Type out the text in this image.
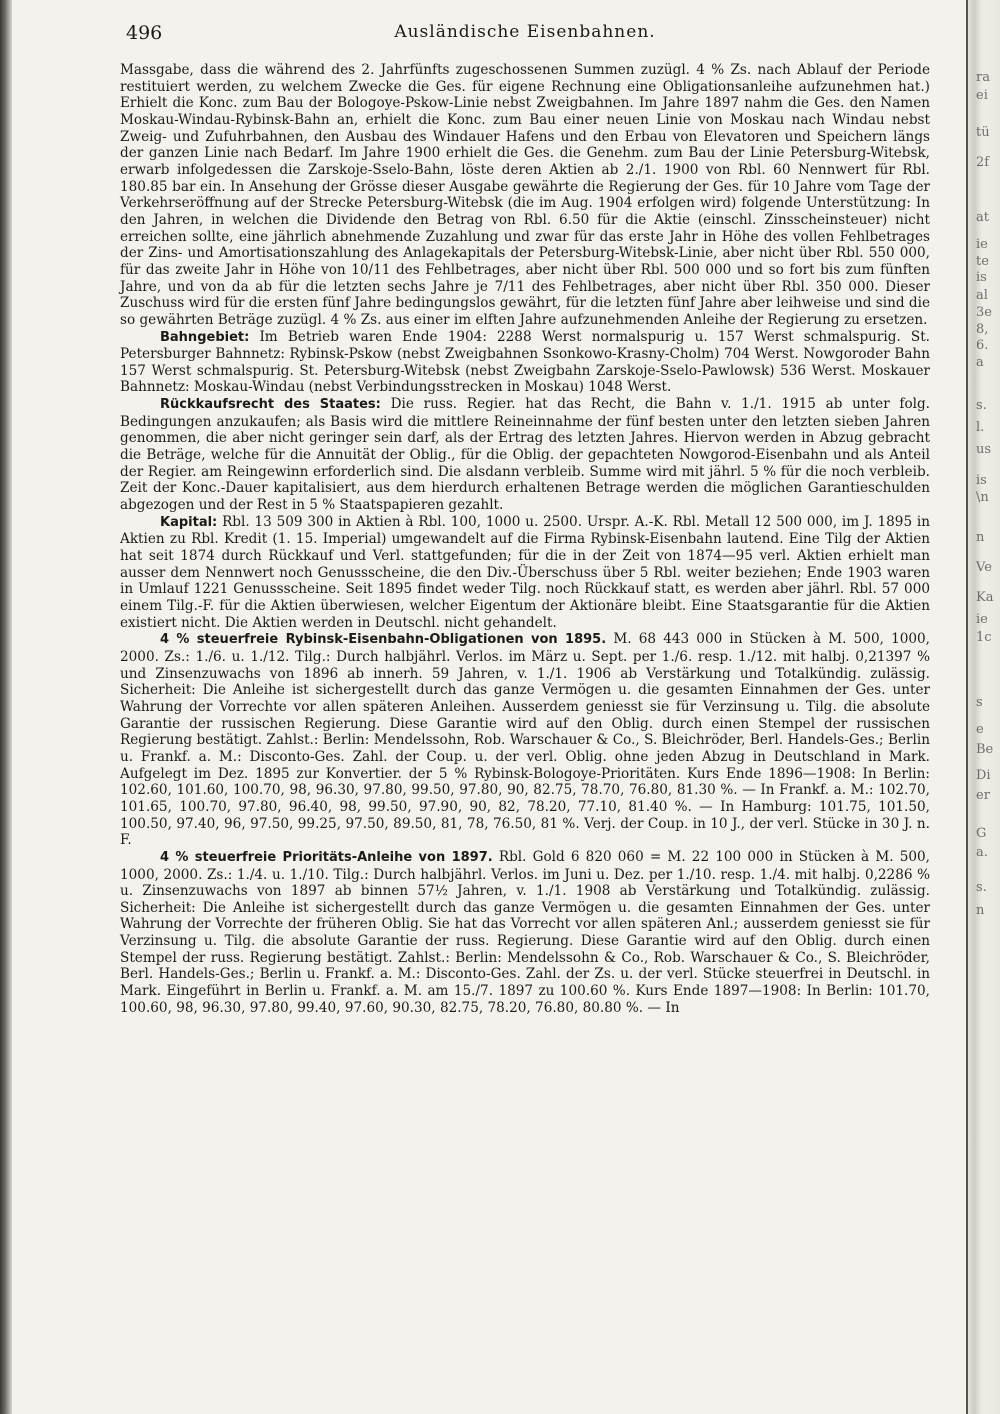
ra
ei
tü
2f
at
ie
te
is
al
3e
8,
6.
a
s.
l.
us
is
\n
n
Ve
Ka
ie
1c
s
e
Be
Di
er
G
a.
s.
n
496	Ausländische Eisenbahnen.

Massgabe, dass die während des 2. Jahrfünfts zugeschossenen Summen zuzügl. 4 % Zs. nach Ablauf der Periode restituiert werden, zu welchem Zwecke die Ges. für eigene Rechnung eine Obligationsanleihe aufzunehmen hat.) Erhielt die Konc. zum Bau der Bologoye-Pskow-Linie nebst Zweigbahnen. Im Jahre 1897 nahm die Ges. den Namen Moskau-Windau-Rybinsk-Bahn an, erhielt die Konc. zum Bau einer neuen Linie von Moskau nach Windau nebst Zweig- und Zufuhrbahnen, den Ausbau des Windauer Hafens und den Erbau von Elevatoren und Speichern längs der ganzen Linie nach Bedarf. Im Jahre 1900 erhielt die Ges. die Genehm. zum Bau der Linie Petersburg-Witebsk, erwarb infolgedessen die Zarskoje-Sselo-Bahn, löste deren Aktien ab 2./1. 1900 von Rbl. 60 Nennwert für Rbl. 180.85 bar ein. In Ansehung der Grösse dieser Ausgabe gewährte die Regierung der Ges. für 10 Jahre vom Tage der Verkehrseröffnung auf der Strecke Petersburg-Witebsk (die im Aug. 1904 erfolgen wird) folgende Unterstützung: In den Jahren, in welchen die Dividende den Betrag von Rbl. 6.50 für die Aktie (einschl. Zinsscheinsteuer) nicht erreichen sollte, eine jährlich abnehmende Zuzahlung und zwar für das erste Jahr in Höhe des vollen Fehlbetrages der Zins- und Amortisationszahlung des Anlagekapitals der Petersburg-Witebsk-Linie, aber nicht über Rbl. 550 000, für das zweite Jahr in Höhe von 10/11 des Fehlbetrages, aber nicht über Rbl. 500 000 und so fort bis zum fünften Jahre, und von da ab für die letzten sechs Jahre je 7/11 des Fehlbetrages, aber nicht über Rbl. 350 000. Dieser Zuschuss wird für die ersten fünf Jahre bedingungslos gewährt, für die letzten fünf Jahre aber leihweise und sind die so gewährten Beträge zuzügl. 4 % Zs. aus einer im elften Jahre aufzunehmenden Anleihe der Regierung zu ersetzen.

Bahngebiet: Im Betrieb waren Ende 1904: 2288 Werst normalspurig u. 157 Werst schmalspurig. St. Petersburger Bahnnetz: Rybinsk-Pskow (nebst Zweigbahnen Ssonkowo-Krasny-Cholm) 704 Werst. Nowgoroder Bahn 157 Werst schmalspurig. St. Petersburg-Witebsk (nebst Zweigbahn Zarskoje-Sselo-Pawlowsk) 536 Werst. Moskauer Bahnnetz: Moskau-Windau (nebst Verbindungsstrecken in Moskau) 1048 Werst.

Rückkaufsrecht des Staates: Die russ. Regier. hat das Recht, die Bahn v. 1./1. 1915 ab unter folg. Bedingungen anzukaufen; als Basis wird die mittlere Reineinnahme der fünf besten unter den letzten sieben Jahren genommen, die aber nicht geringer sein darf, als der Ertrag des letzten Jahres. Hiervon werden in Abzug gebracht die Beträge, welche für die Annuität der Oblig., für die Oblig. der gepachteten Nowgorod-Eisenbahn und als Anteil der Regier. am Reingewinn erforderlich sind. Die alsdann verbleib. Summe wird mit jährl. 5 % für die noch verbleib. Zeit der Konc.-Dauer kapitalisiert, aus dem hierdurch erhaltenen Betrage werden die möglichen Garantieschulden abgezogen und der Rest in 5 % Staatspapieren gezahlt.

Kapital: Rbl. 13 509 300 in Aktien à Rbl. 100, 1000 u. 2500. Urspr. A.-K. Rbl. Metall 12 500 000, im J. 1895 in Aktien zu Rbl. Kredit (1. 15. Imperial) umgewandelt auf die Firma Rybinsk-Eisenbahn lautend. Eine Tilg der Aktien hat seit 1874 durch Rückkauf und Verl. stattgefunden; für die in der Zeit von 1874—95 verl. Aktien erhielt man ausser dem Nennwert noch Genussscheine, die den Div.-Überschuss über 5 Rbl. weiter beziehen; Ende 1903 waren in Umlauf 1221 Genussscheine. Seit 1895 findet weder Tilg. noch Rückkauf statt, es werden aber jährl. Rbl. 57 000 einem Tilg.-F. für die Aktien überwiesen, welcher Eigentum der Aktionäre bleibt. Eine Staatsgarantie für die Aktien existiert nicht. Die Aktien werden in Deutschl. nicht gehandelt.

4 % steuerfreie Rybinsk-Eisenbahn-Obligationen von 1895. M. 68 443 000 in Stücken à M. 500, 1000, 2000. Zs.: 1./6. u. 1./12. Tilg.: Durch halbjährl. Verlos. im März u. Sept. per 1./6. resp. 1./12. mit halbj. 0,21397 % und Zinsenzuwachs von 1896 ab innerh. 59 Jahren, v. 1./1. 1906 ab Verstärkung und Totalkündig. zulässig. Sicherheit: Die Anleihe ist sichergestellt durch das ganze Vermögen u. die gesamten Einnahmen der Ges. unter Wahrung der Vorrechte vor allen späteren Anleihen. Ausserdem geniesst sie für Verzinsung u. Tilg. die absolute Garantie der russischen Regierung. Diese Garantie wird auf den Oblig. durch einen Stempel der russischen Regierung bestätigt. Zahlst.: Berlin: Mendelssohn, Rob. Warschauer & Co., S. Bleichröder, Berl. Handels-Ges.; Berlin u. Frankf. a. M.: Disconto-Ges. Zahl. der Coup. u. der verl. Oblig. ohne jeden Abzug in Deutschland in Mark. Aufgelegt im Dez. 1895 zur Konvertier. der 5 % Rybinsk-Bologoye-Prioritäten. Kurs Ende 1896—1908: In Berlin: 102.60, 101.60, 100.70, 98, 96.30, 97.80, 99.50, 97.80, 90, 82.75, 78.70, 76.80, 81.30 %. — In Frankf. a. M.: 102.70, 101.65, 100.70, 97.80, 96.40, 98, 99.50, 97.90, 90, 82, 78.20, 77.10, 81.40 %. — In Hamburg: 101.75, 101.50, 100.50, 97.40, 96, 97.50, 99.25, 97.50, 89.50, 81, 78, 76.50, 81 %. Verj. der Coup. in 10 J., der verl. Stücke in 30 J. n. F.

4 % steuerfreie Prioritäts-Anleihe von 1897. Rbl. Gold 6 820 060 = M. 22 100 000 in Stücken à M. 500, 1000, 2000. Zs.: 1./4. u. 1./10. Tilg.: Durch halbjährl. Verlos. im Juni u. Dez. per 1./10. resp. 1./4. mit halbj. 0,2286 % u. Zinsenzuwachs von 1897 ab binnen 57½ Jahren, v. 1./1. 1908 ab Verstärkung und Totalkündig. zulässig. Sicherheit: Die Anleihe ist sichergestellt durch das ganze Vermögen u. die gesamten Einnahmen der Ges. unter Wahrung der Vorrechte der früheren Oblig. Sie hat das Vorrecht vor allen späteren Anl.; ausserdem geniesst sie für Verzinsung u. Tilg. die absolute Garantie der russ. Regierung. Diese Garantie wird auf den Oblig. durch einen Stempel der russ. Regierung bestätigt. Zahlst.: Berlin: Mendelssohn & Co., Rob. Warschauer & Co., S. Bleichröder, Berl. Handels-Ges.; Berlin u. Frankf. a. M.: Disconto-Ges. Zahl. der Zs. u. der verl. Stücke steuerfrei in Deutschl. in Mark. Eingeführt in Berlin u. Frankf. a. M. am 15./7. 1897 zu 100.60 %. Kurs Ende 1897—1908: In Berlin: 101.70, 100.60, 98, 96.30, 97.80, 99.40, 97.60, 90.30, 82.75, 78.20, 76.80, 80.80 %. — In
